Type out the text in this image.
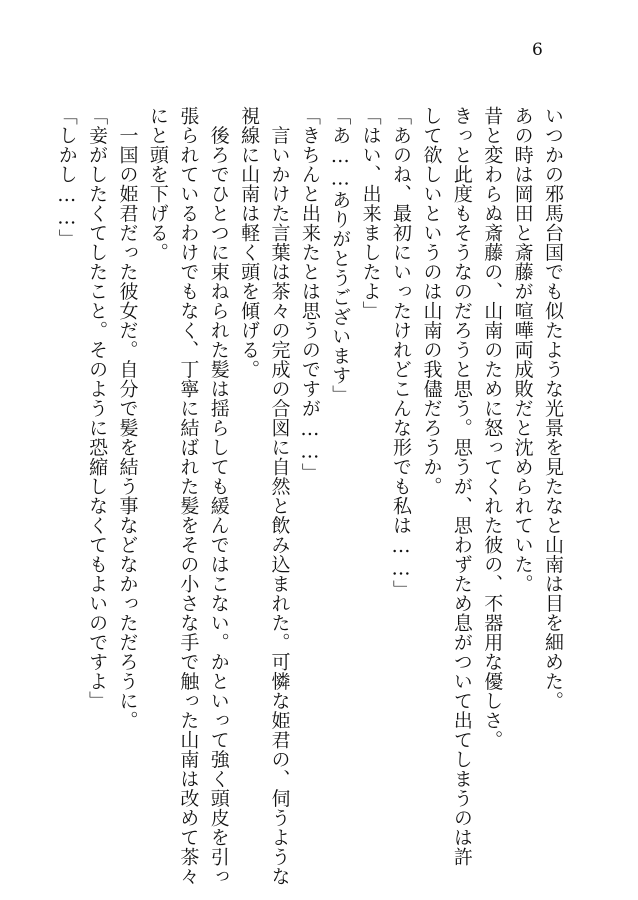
6
いつかの邪馬台国でも似たような光景を見たなと山南は目を細めた。
あの時は岡田と斎藤が喧嘩両成敗だと沈められていた。
昔と変わらぬ斎藤の、山南のために怒ってくれた彼の、不器用な優しさ。
きっと此度もそうなのだろうと思う。思うが、思わずため息がついて出てしまうのは許
して欲しいというのは山南の我儘だろうか。
「あのね、最初にいったけれどこんな形でも私は……」
「はい、出来ましたよ」
「あ……ありがとうございます」
「きちんと出来たとは思うのですが……」
　言いかけた言葉は茶々の完成の合図に自然と飲み込まれた。可憐な姫君の、伺うような
視線に山南は軽く頭を傾げる。
　後ろでひとつに束ねられた髪は揺らしても緩んではこない。かといって強く頭皮を引っ
張られているわけでもなく、丁寧に結ばれた髪をその小さな手で触った山南は改めて茶々
にと頭を下げる。
　一国の姫君だった彼女だ。自分で髪を結う事などなかっただろうに。
「妾がしたくてしたこと。そのように恐縮しなくてもよいのですよ」
「しかし……」
